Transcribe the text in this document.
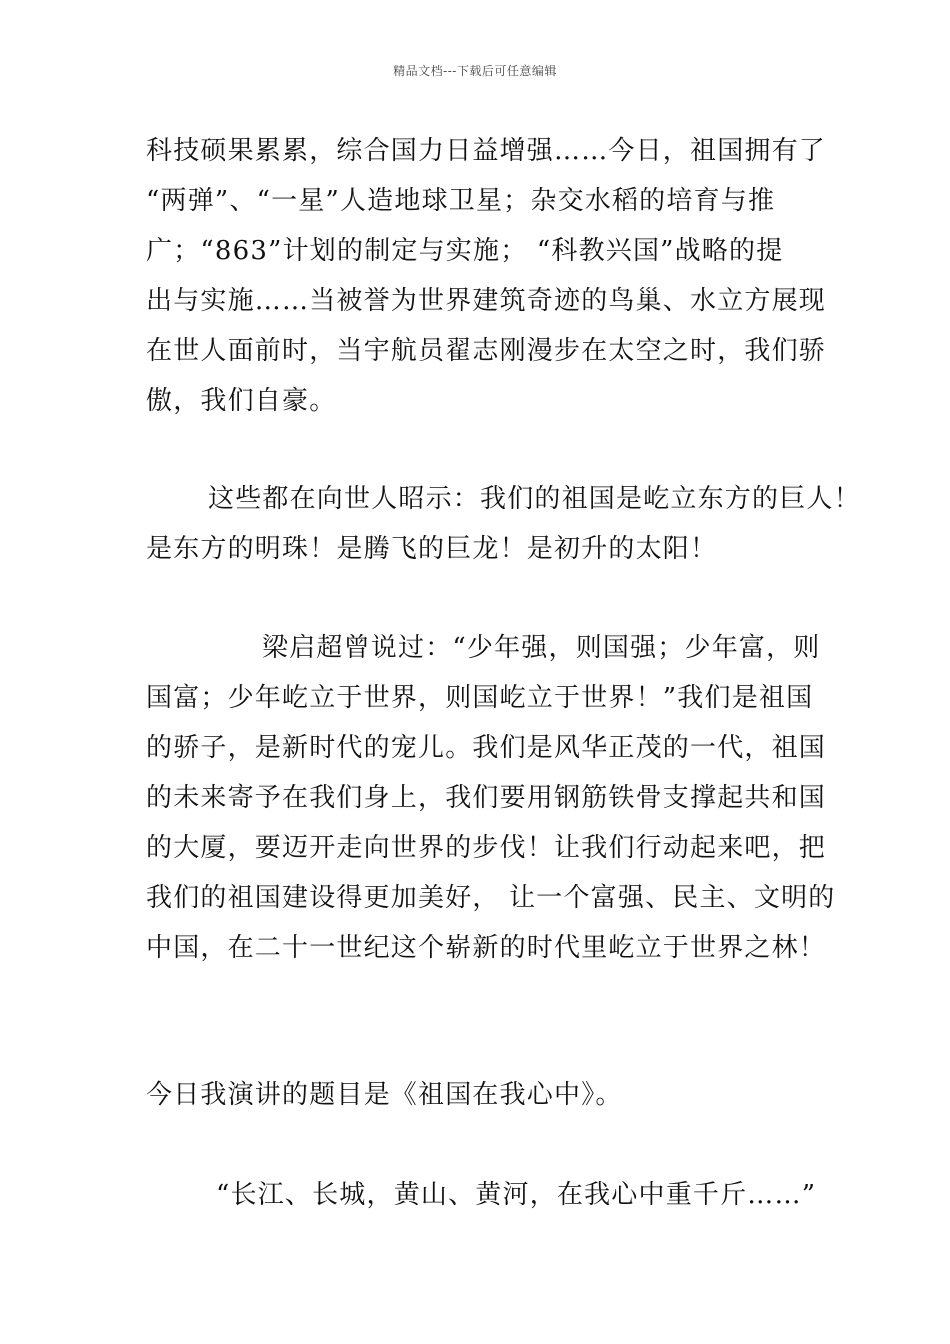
精品文档---下载后可任意编辑
科技硕果累累，综合国力日益增强……今日，祖国拥有了
“两弹”、“一星”人造地球卫星；杂交水稻的培育与推
广；“863”计划的制定与实施； “科教兴国”战略的提
出与实施……当被誉为世界建筑奇迹的鸟巢、水立方展现
在世人面前时，当宇航员翟志刚漫步在太空之时，我们骄
傲，我们自豪。
这些都在向世人昭示：我们的祖国是屹立东方的巨人！
是东方的明珠！是腾飞的巨龙！是初升的太阳！
梁启超曾说过：“少年强，则国强；少年富，则
国富；少年屹立于世界，则国屹立于世界！”我们是祖国
的骄子，是新时代的宠儿。我们是风华正茂的一代，祖国
的未来寄予在我们身上，我们要用钢筋铁骨支撑起共和国
的大厦，要迈开走向世界的步伐！让我们行动起来吧，把
我们的祖国建设得更加美好， 让一个富强、民主、文明的
中国，在二十一世纪这个崭新的时代里屹立于世界之林！
今日我演讲的题目是《祖国在我心中》。
“长江、长城，黄山、黄河，在我心中重千斤……”
